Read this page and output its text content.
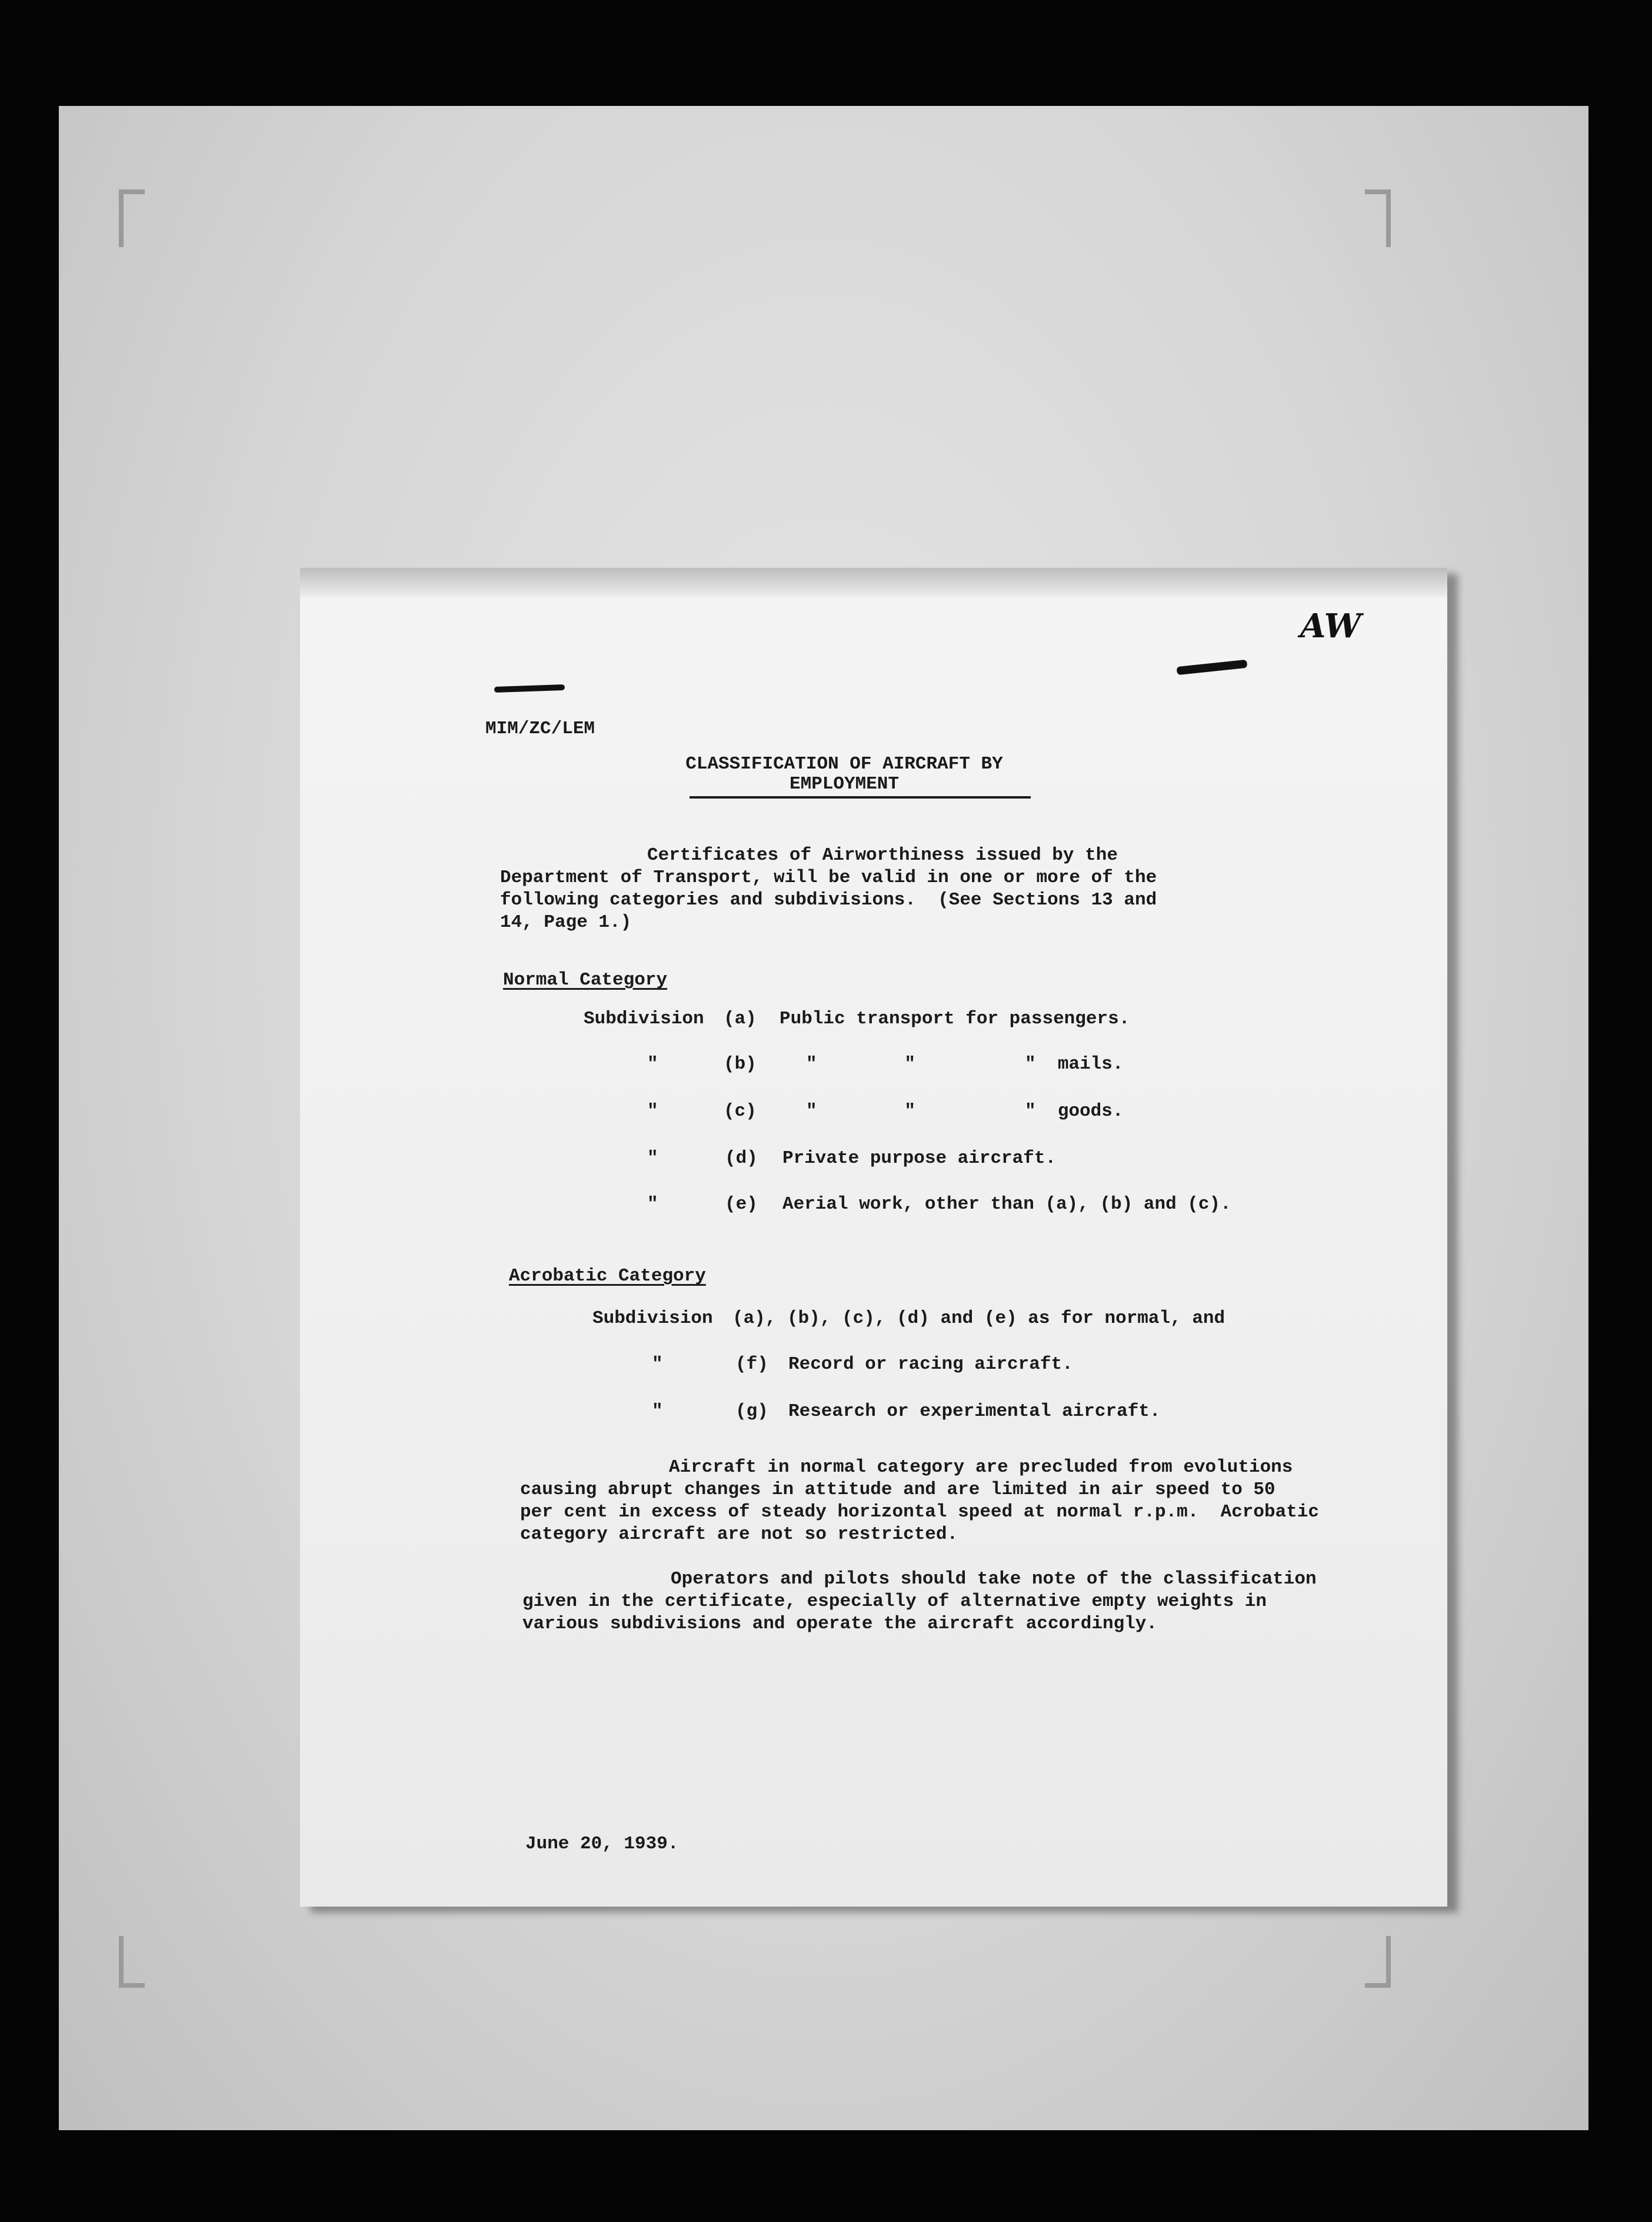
AW
MIM/ZC/LEM
CLASSIFICATION OF AIRCRAFT BY
EMPLOYMENT
Certificates of Airworthiness issued by the
Department of Transport, will be valid in one or more of the
following categories and subdivisions.  (See Sections 13 and
14, Page 1.)
Normal Category
Subdivision (a) Public transport for passengers.
"	(b)	"        "          "  mails.
"	(c)	"        "          "  goods.
"	(d) Private purpose aircraft.
"	(e) Aerial work, other than (a), (b) and (c).
Acrobatic Category
Subdivision (a), (b), (c), (d) and (e) as for normal, and
"	(f) Record or racing aircraft.
"	(g) Research or experimental aircraft.
Aircraft in normal category are precluded from evolutions
causing abrupt changes in attitude and are limited in air speed to 50
per cent in excess of steady horizontal speed at normal r.p.m.  Acrobatic
category aircraft are not so restricted.
Operators and pilots should take note of the classification
given in the certificate, especially of alternative empty weights in
various subdivisions and operate the aircraft accordingly.
June 20, 1939.
